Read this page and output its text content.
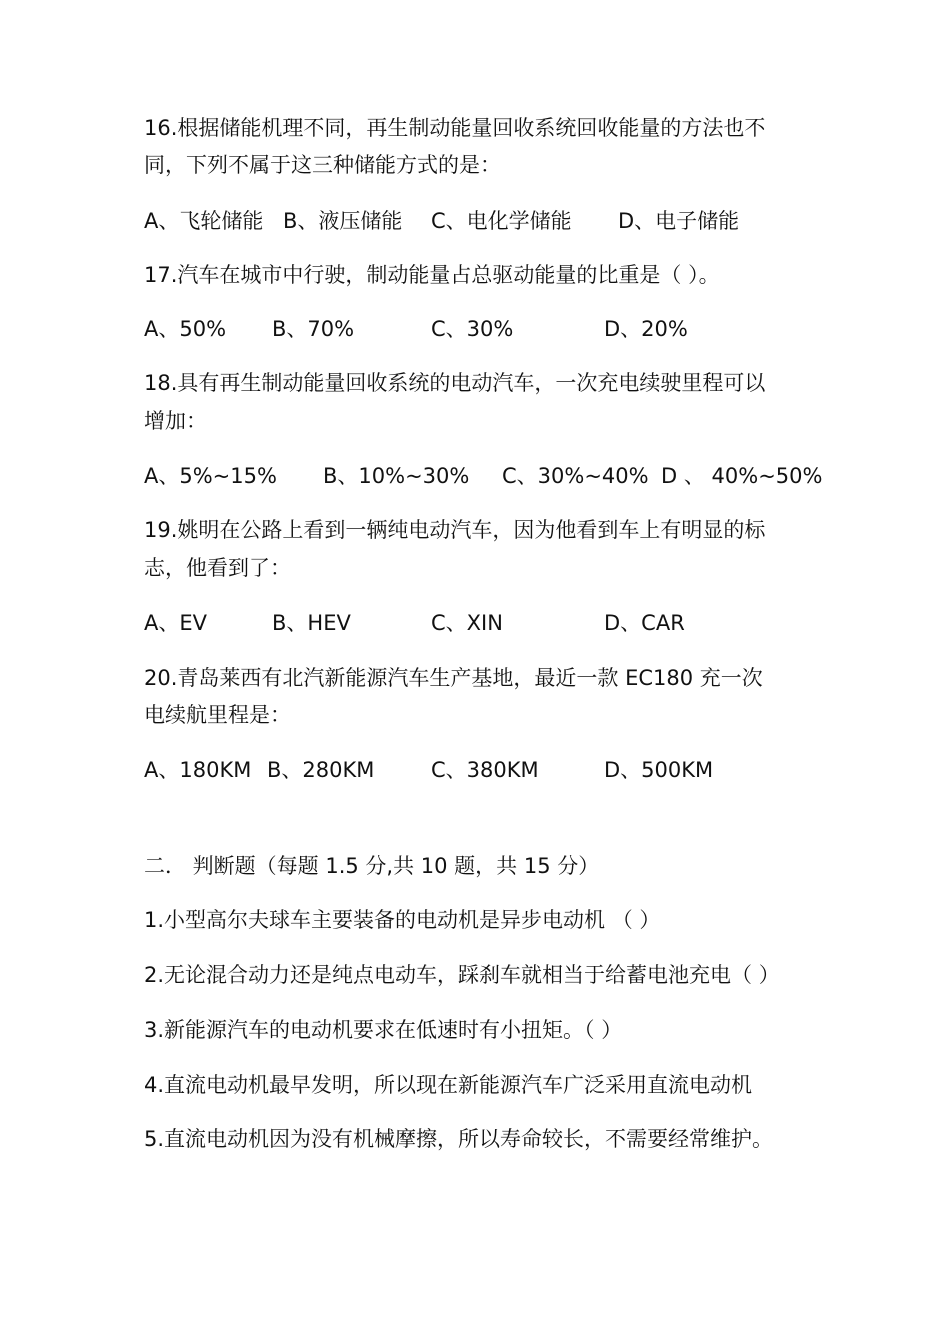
16.根据储能机理不同，再生制动能量回收系统回收能量的方法也不
同，下列不属于这三种储能方式的是：
A、飞轮储能 B、液压储能 C、电化学储能 D、电子储能
17.汽车在城市中行驶，制动能量占总驱动能量的比重是（ ）。
A、50% B、70%	C、30%	D、20%
18.具有再生制动能量回收系统的电动汽车，一次充电续驶里程可以
增加：
A、5%~15% B、10%~30% C、30%~40% D 、 40%~50%
19.姚明在公路上看到一辆纯电动汽车，因为他看到车上有明显的标
志，他看到了：
A、EV	B、HEV	C、XIN	D、CAR
20.青岛莱西有北汽新能源汽车生产基地，最近一款 EC180 充一次
电续航里程是：
A、180KM B、280KM	C、380KM	D、500KM
二． 判断题（每题 1.5 分,共 10 题，共 15 分）
1.小型高尔夫球车主要装备的电动机是异步电动机 （ ）
2.无论混合动力还是纯点电动车，踩刹车就相当于给蓄电池充电（ ）
3.新能源汽车的电动机要求在低速时有小扭矩。（ ）
4.直流电动机最早发明，所以现在新能源汽车广泛采用直流电动机
5.直流电动机因为没有机械摩擦，所以寿命较长，不需要经常维护。
